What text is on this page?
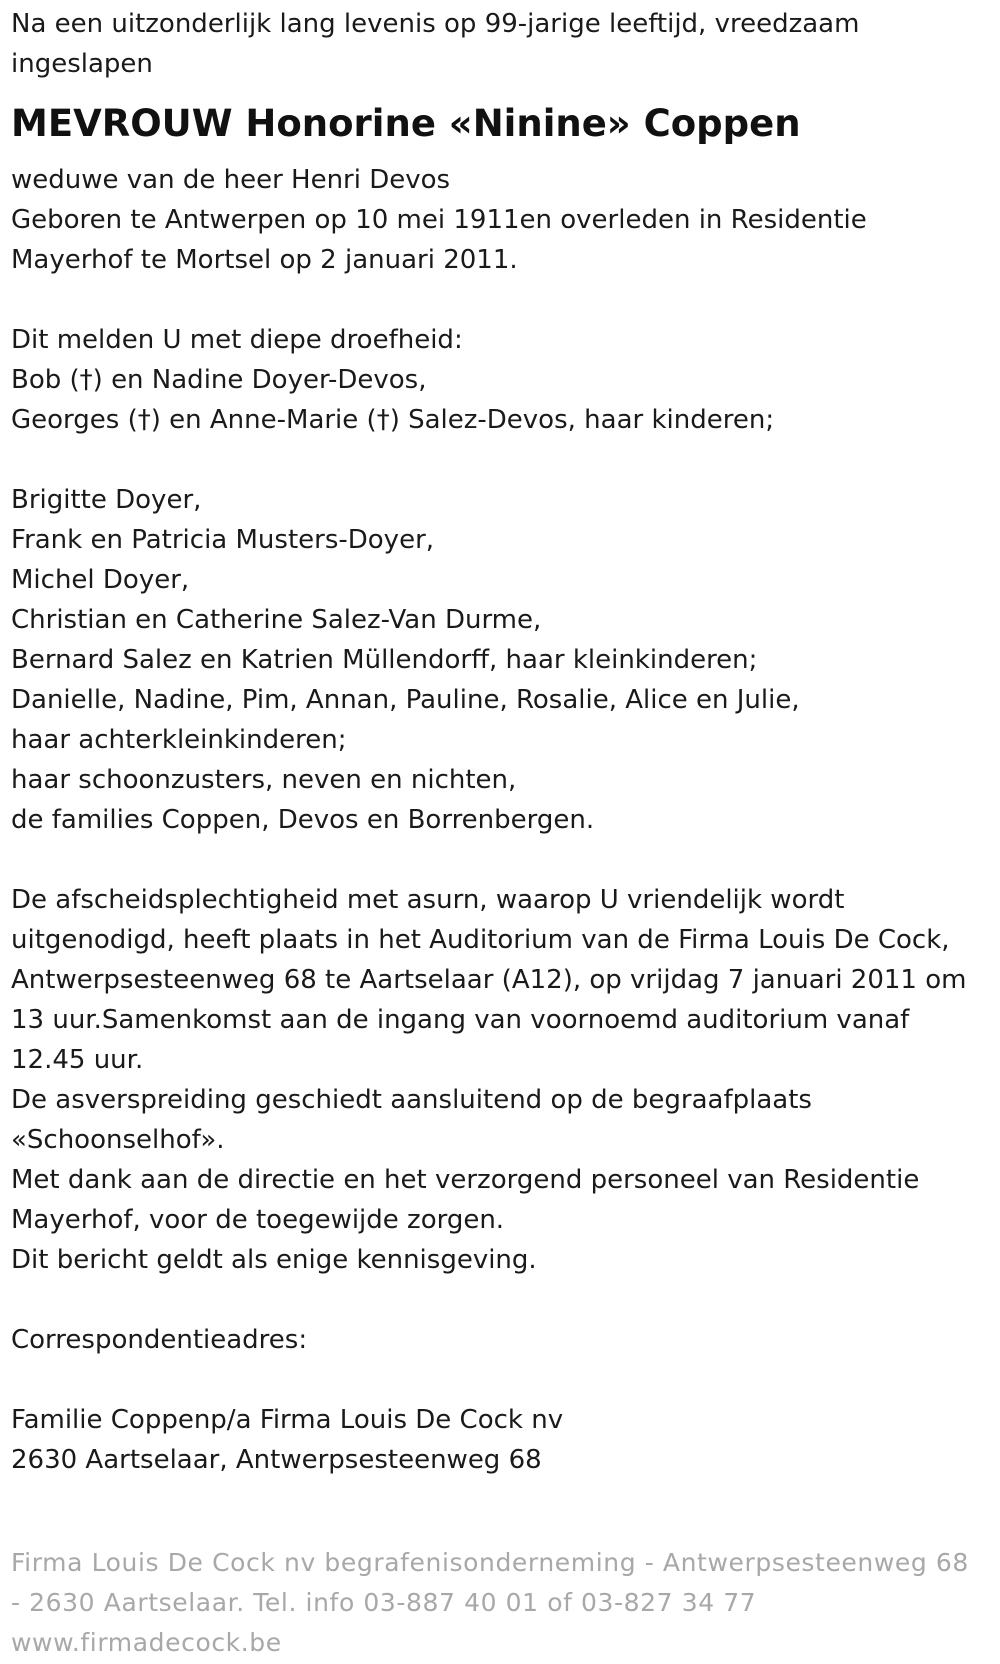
Na een uitzonderlijk lang levenis op 99-jarige leeftijd, vreedzaam
ingeslapen
MEVROUW Honorine «Ninine» Coppen
weduwe van de heer Henri Devos
Geboren te Antwerpen op 10 mei 1911en overleden in Residentie
Mayerhof te Mortsel op 2 januari 2011.
Dit melden U met diepe droefheid:
Bob (†) en Nadine Doyer-Devos,
Georges (†) en Anne-Marie (†) Salez-Devos, haar kinderen;
Brigitte Doyer,
Frank en Patricia Musters-Doyer,
Michel Doyer,
Christian en Catherine Salez-Van Durme,
Bernard Salez en Katrien Müllendorff, haar kleinkinderen;
Danielle, Nadine, Pim, Annan, Pauline, Rosalie, Alice en Julie,
haar achterkleinkinderen;
haar schoonzusters, neven en nichten,
de families Coppen, Devos en Borrenbergen.
De afscheidsplechtigheid met asurn, waarop U vriendelijk wordt
uitgenodigd, heeft plaats in het Auditorium van de Firma Louis De Cock,
Antwerpsesteenweg 68 te Aartselaar (A12), op vrijdag 7 januari 2011 om
13 uur.Samenkomst aan de ingang van voornoemd auditorium vanaf
12.45 uur.
De asverspreiding geschiedt aansluitend op de begraafplaats
«Schoonselhof».
Met dank aan de directie en het verzorgend personeel van Residentie
Mayerhof, voor de toegewijde zorgen.
Dit bericht geldt als enige kennisgeving.
Correspondentieadres:
Familie Coppenp/a Firma Louis De Cock nv
2630 Aartselaar, Antwerpsesteenweg 68
Firma Louis De Cock nv begrafenisonderneming - Antwerpsesteenweg 68
- 2630 Aartselaar. Tel. info 03-887 40 01 of 03-827 34 77
www.firmadecock.be
